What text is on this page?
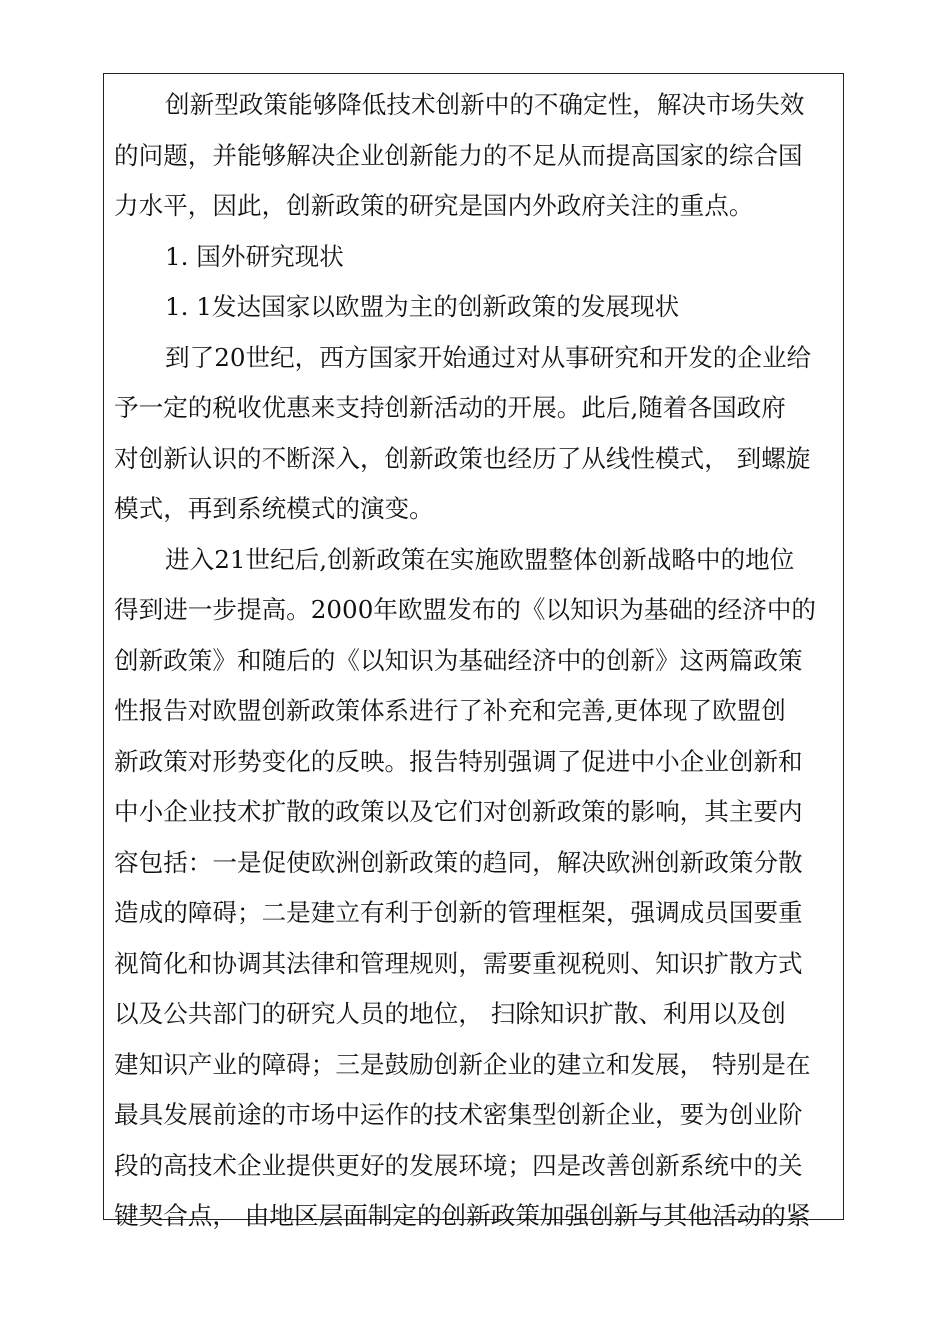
创新型政策能够降低技术创新中的不确定性，解决市场失效
的问题，并能够解决企业创新能力的不足从而提高国家的综合国
力水平，因此，创新政策的研究是国内外政府关注的重点。
1. 国外研究现状
1. 1发达国家以欧盟为主的创新政策的发展现状
到了20世纪，西方国家开始通过对从事研究和开发的企业给
予一定的税收优惠来支持创新活动的开展。此后,随着各国政府
对创新认识的不断深入，创新政策也经历了从线性模式， 到螺旋
模式，再到系统模式的演变。
进入21世纪后,创新政策在实施欧盟整体创新战略中的地位
得到进一步提高。2000年欧盟发布的《以知识为基础的经济中的
创新政策》和随后的《以知识为基础经济中的创新》这两篇政策
性报告对欧盟创新政策体系进行了补充和完善,更体现了欧盟创
新政策对形势变化的反映。报告特别强调了促进中小企业创新和
中小企业技术扩散的政策以及它们对创新政策的影响，其主要内
容包括：一是促使欧洲创新政策的趋同，解决欧洲创新政策分散
造成的障碍；二是建立有利于创新的管理框架，强调成员国要重
视简化和协调其法律和管理规则，需要重视税则、知识扩散方式
以及公共部门的研究人员的地位， 扫除知识扩散、利用以及创
建知识产业的障碍；三是鼓励创新企业的建立和发展， 特别是在
最具发展前途的市场中运作的技术密集型创新企业，要为创业阶
段的高技术企业提供更好的发展环境；四是改善创新系统中的关
键契合点， 由地区层面制定的创新政策加强创新与其他活动的紧
